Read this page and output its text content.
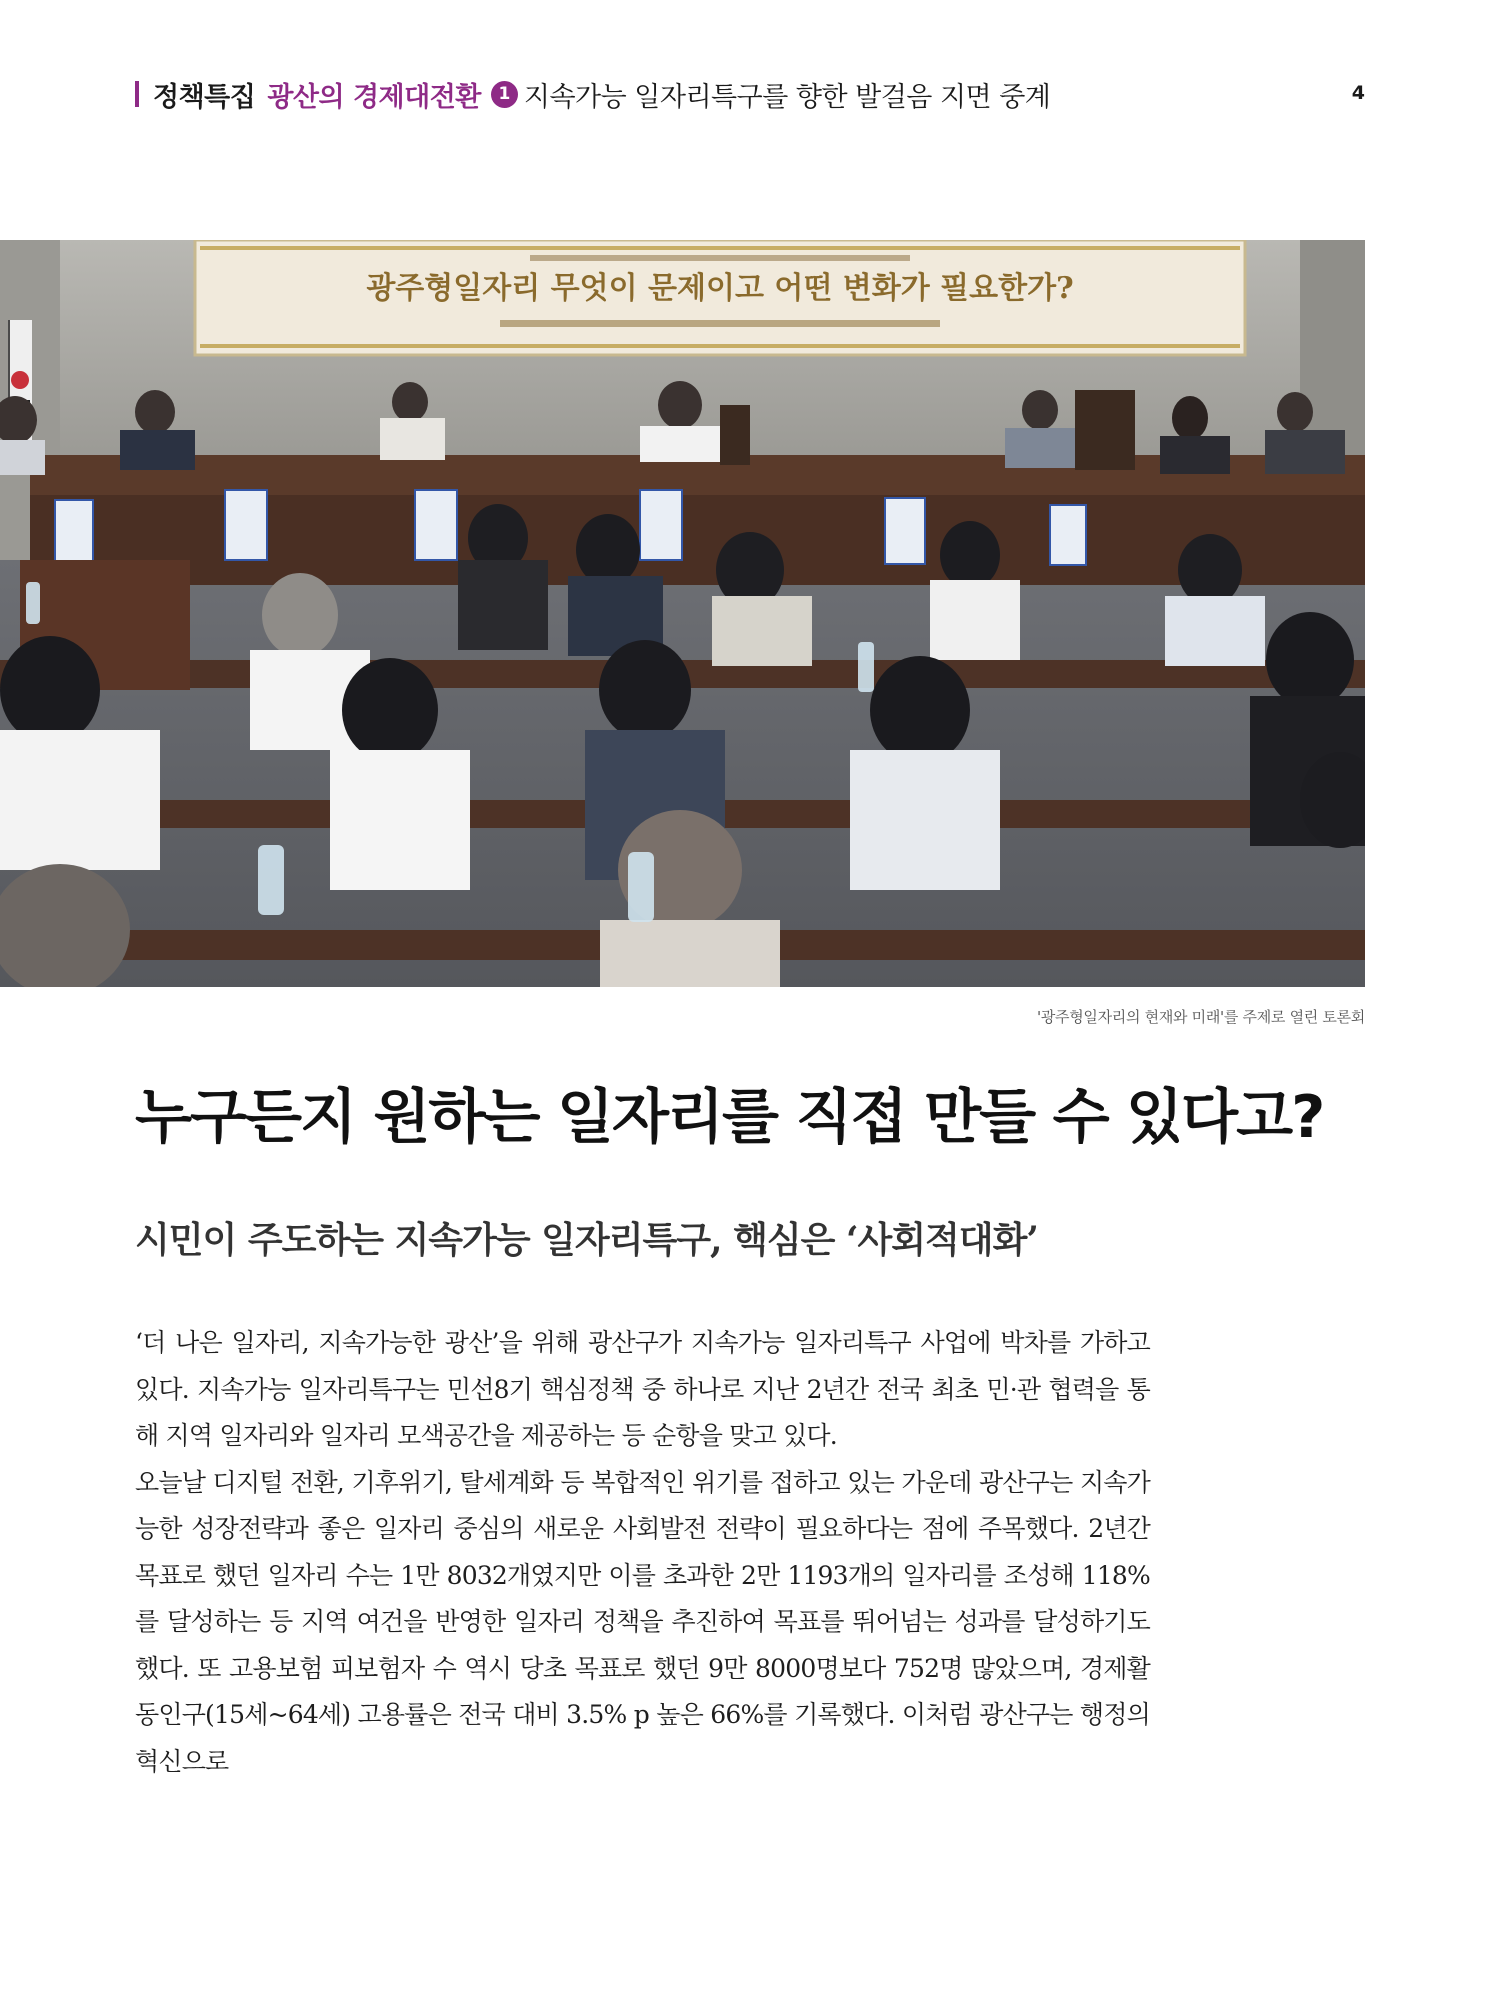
정책특집 광산의 경제대전환	1 지속가능 일자리특구를 향한 발걸음 지면 중계	4
광주형일자리 무엇이 문제이고 어떤 변화가 필요한가?
'광주형일자리의 현재와 미래'를 주제로 열린 토론회
누구든지 원하는 일자리를 직접 만들 수 있다고?
시민이 주도하는 지속가능 일자리특구, 핵심은 ‘사회적대화’

‘더 나은 일자리, 지속가능한 광산’을 위해 광산구가 지속가능 일자리특구 사업에 박차를 가하고 있다. 지속가능 일자리특구는 민선8기 핵심정책 중 하나로 지난 2년간 전국 최초 민·관 협력을 통해 지역 일자리와 일자리 모색공간을 제공하는 등 순항을 맞고 있다.

오늘날 디지털 전환, 기후위기, 탈세계화 등 복합적인 위기를 접하고 있는 가운데 광산구는 지속가능한 성장전략과 좋은 일자리 중심의 새로운 사회발전 전략이 필요하다는 점에 주목했다. 2년간 목표로 했던 일자리 수는 1만 8032개였지만 이를 초과한 2만 1193개의 일자리를 조성해 118%를 달성하는 등 지역 여건을 반영한 일자리 정책을 추진하여 목표를 뛰어넘는 성과를 달성하기도 했다. 또 고용보험 피보험자 수 역시 당초 목표로 했던 9만 8000명보다 752명 많았으며, 경제활동인구(15세~64세) 고용률은 전국 대비 3.5% p 높은 66%를 기록했다. 이처럼 광산구는 행정의 혁신으로
